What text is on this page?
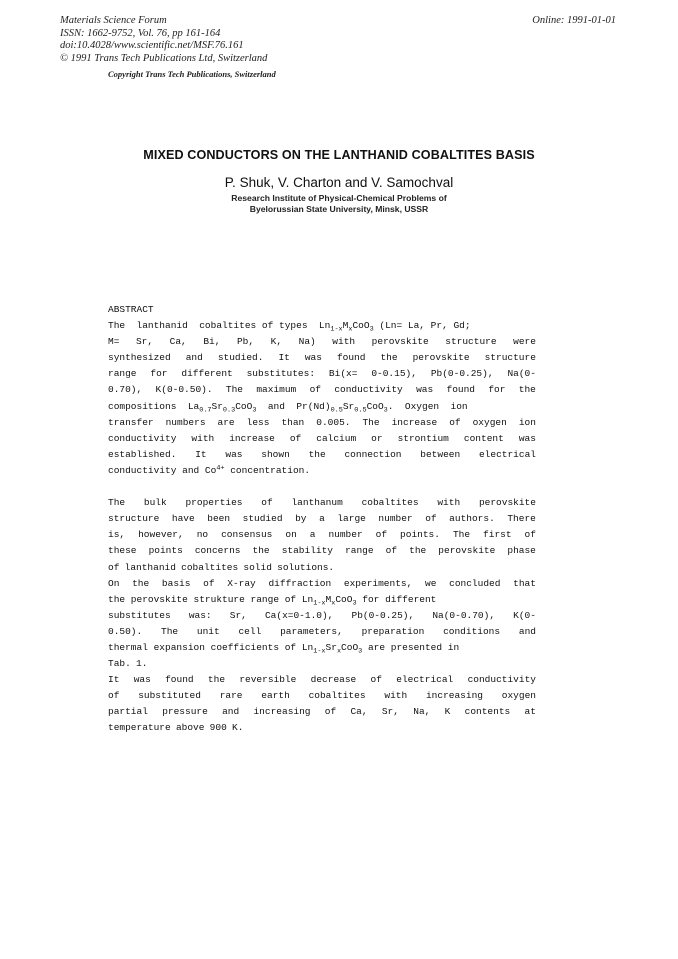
Materials Science Forum
ISSN: 1662-9752, Vol. 76, pp 161-164
doi:10.4028/www.scientific.net/MSF.76.161
© 1991 Trans Tech Publications Ltd, Switzerland
Online: 1991-01-01
Copyright Trans Tech Publications, Switzerland
MIXED CONDUCTORS ON THE LANTHANID COBALTITES BASIS
P. Shuk, V. Charton and V. Samochval
Research Institute of Physical-Chemical Problems of
Byelorussian State University, Minsk, USSR
ABSTRACT
The  lanthanid  cobaltites of types  $Ln_{1-x}M_xCoO_3$ (Ln= La, Pr, Gd;
M= Sr, Ca, Bi, Pb, K, Na) with perovskite structure were
synthesized and studied. It was found the perovskite structure
range for different substitutes: Bi(x= 0-0.15), Pb(0-0.25), Na(0-
0.70), K(0-0.50). The maximum of conductivity was found for the
compositions  $La_{0.7}Sr_{0.3}CoO_3$  and  $Pr(Nd)_{0.5}Sr_{0.5}CoO_3$.  Oxygen  ion
transfer numbers are less than 0.005. The increase of oxygen ion
conductivity with increase of calcium or strontium content was
established. It was shown the connection between electrical
conductivity and $Co^{4+}$ concentration.
The bulk properties of lanthanum cobaltites with perovskite
structure have been studied by a large number of authors. There
is, however, no consensus on a number of points. The first of
these points concerns the stability range of the perovskite phase
of lanthanid cobaltites solid solutions.
On the basis of X-ray diffraction experiments, we concluded that
the perovskite strukture range of $Ln_{1-x}M_xCoO_3$ for different
substitutes was: Sr, Ca(x=0-1.0), Pb(0-0.25), Na(0-0.70), K(0-
0.50). The unit cell parameters, preparation conditions and
thermal expansion coefficients of $Ln_{1-x}Sr_xCoO_3$ are presented in
Tab. 1.
It was found the reversible decrease of electrical conductivity
of substituted rare earth cobaltites with increasing oxygen
partial pressure and increasing of Ca, Sr, Na, K contents at
temperature above 900 K.
